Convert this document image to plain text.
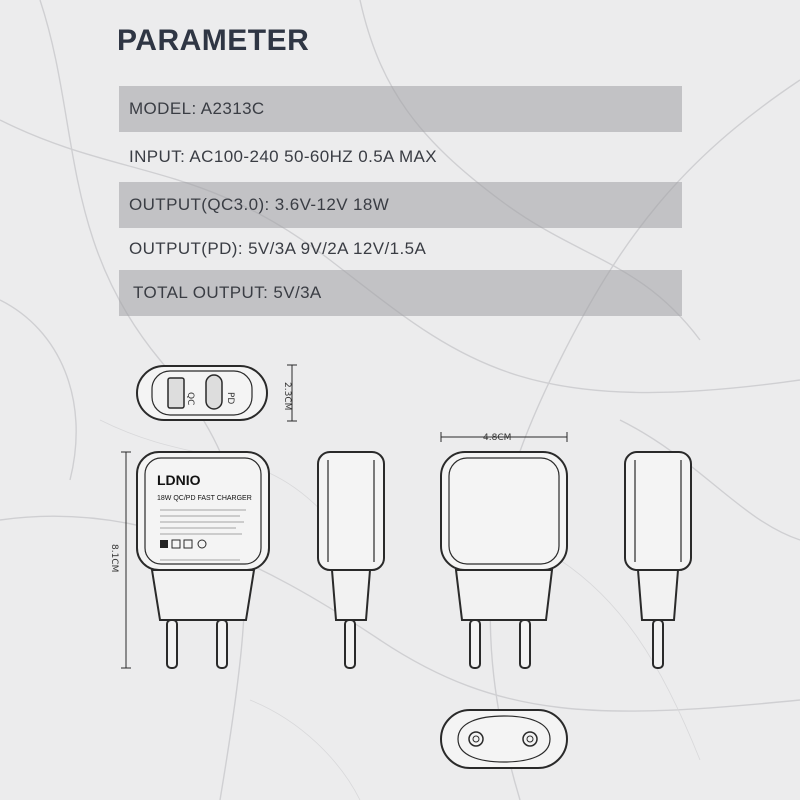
PARAMETER
MODEL: A2313C
INPUT: AC100-240 50-60HZ 0.5A MAX
OUTPUT(QC3.0): 3.6V-12V 18W
OUTPUT(PD): 5V/3A 9V/2A 12V/1.5A
TOTAL OUTPUT: 5V/3A
QC	PD
LDNIO
18W QC/PD FAST CHARGER
2.3CM
4.8CM
8.1CM
